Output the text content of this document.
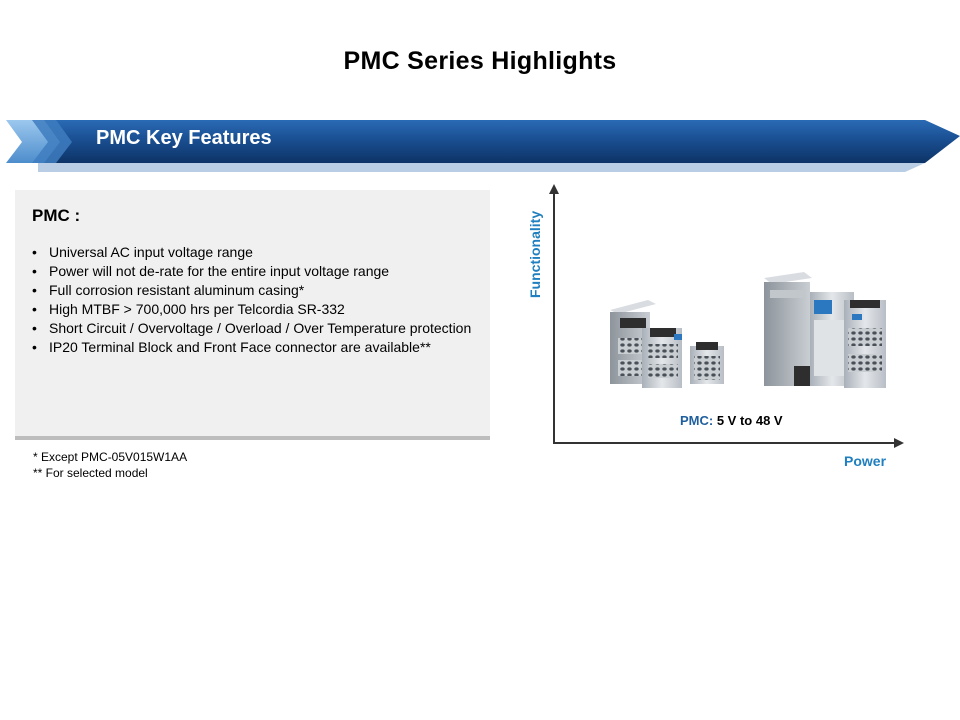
PMC Series Highlights
PMC Key Features
PMC :
• Universal AC input voltage range
• Power will not de-rate for the entire input voltage range
• Full corrosion resistant aluminum casing*
• High MTBF > 700,000 hrs per Telcordia SR-332
• Short Circuit / Overvoltage / Overload / Over Temperature protection
• IP20 Terminal Block and Front Face connector are available**
* Except PMC-05V015W1AA
** For selected model
Functionality
Power
PMC: 5 V to 48 V
